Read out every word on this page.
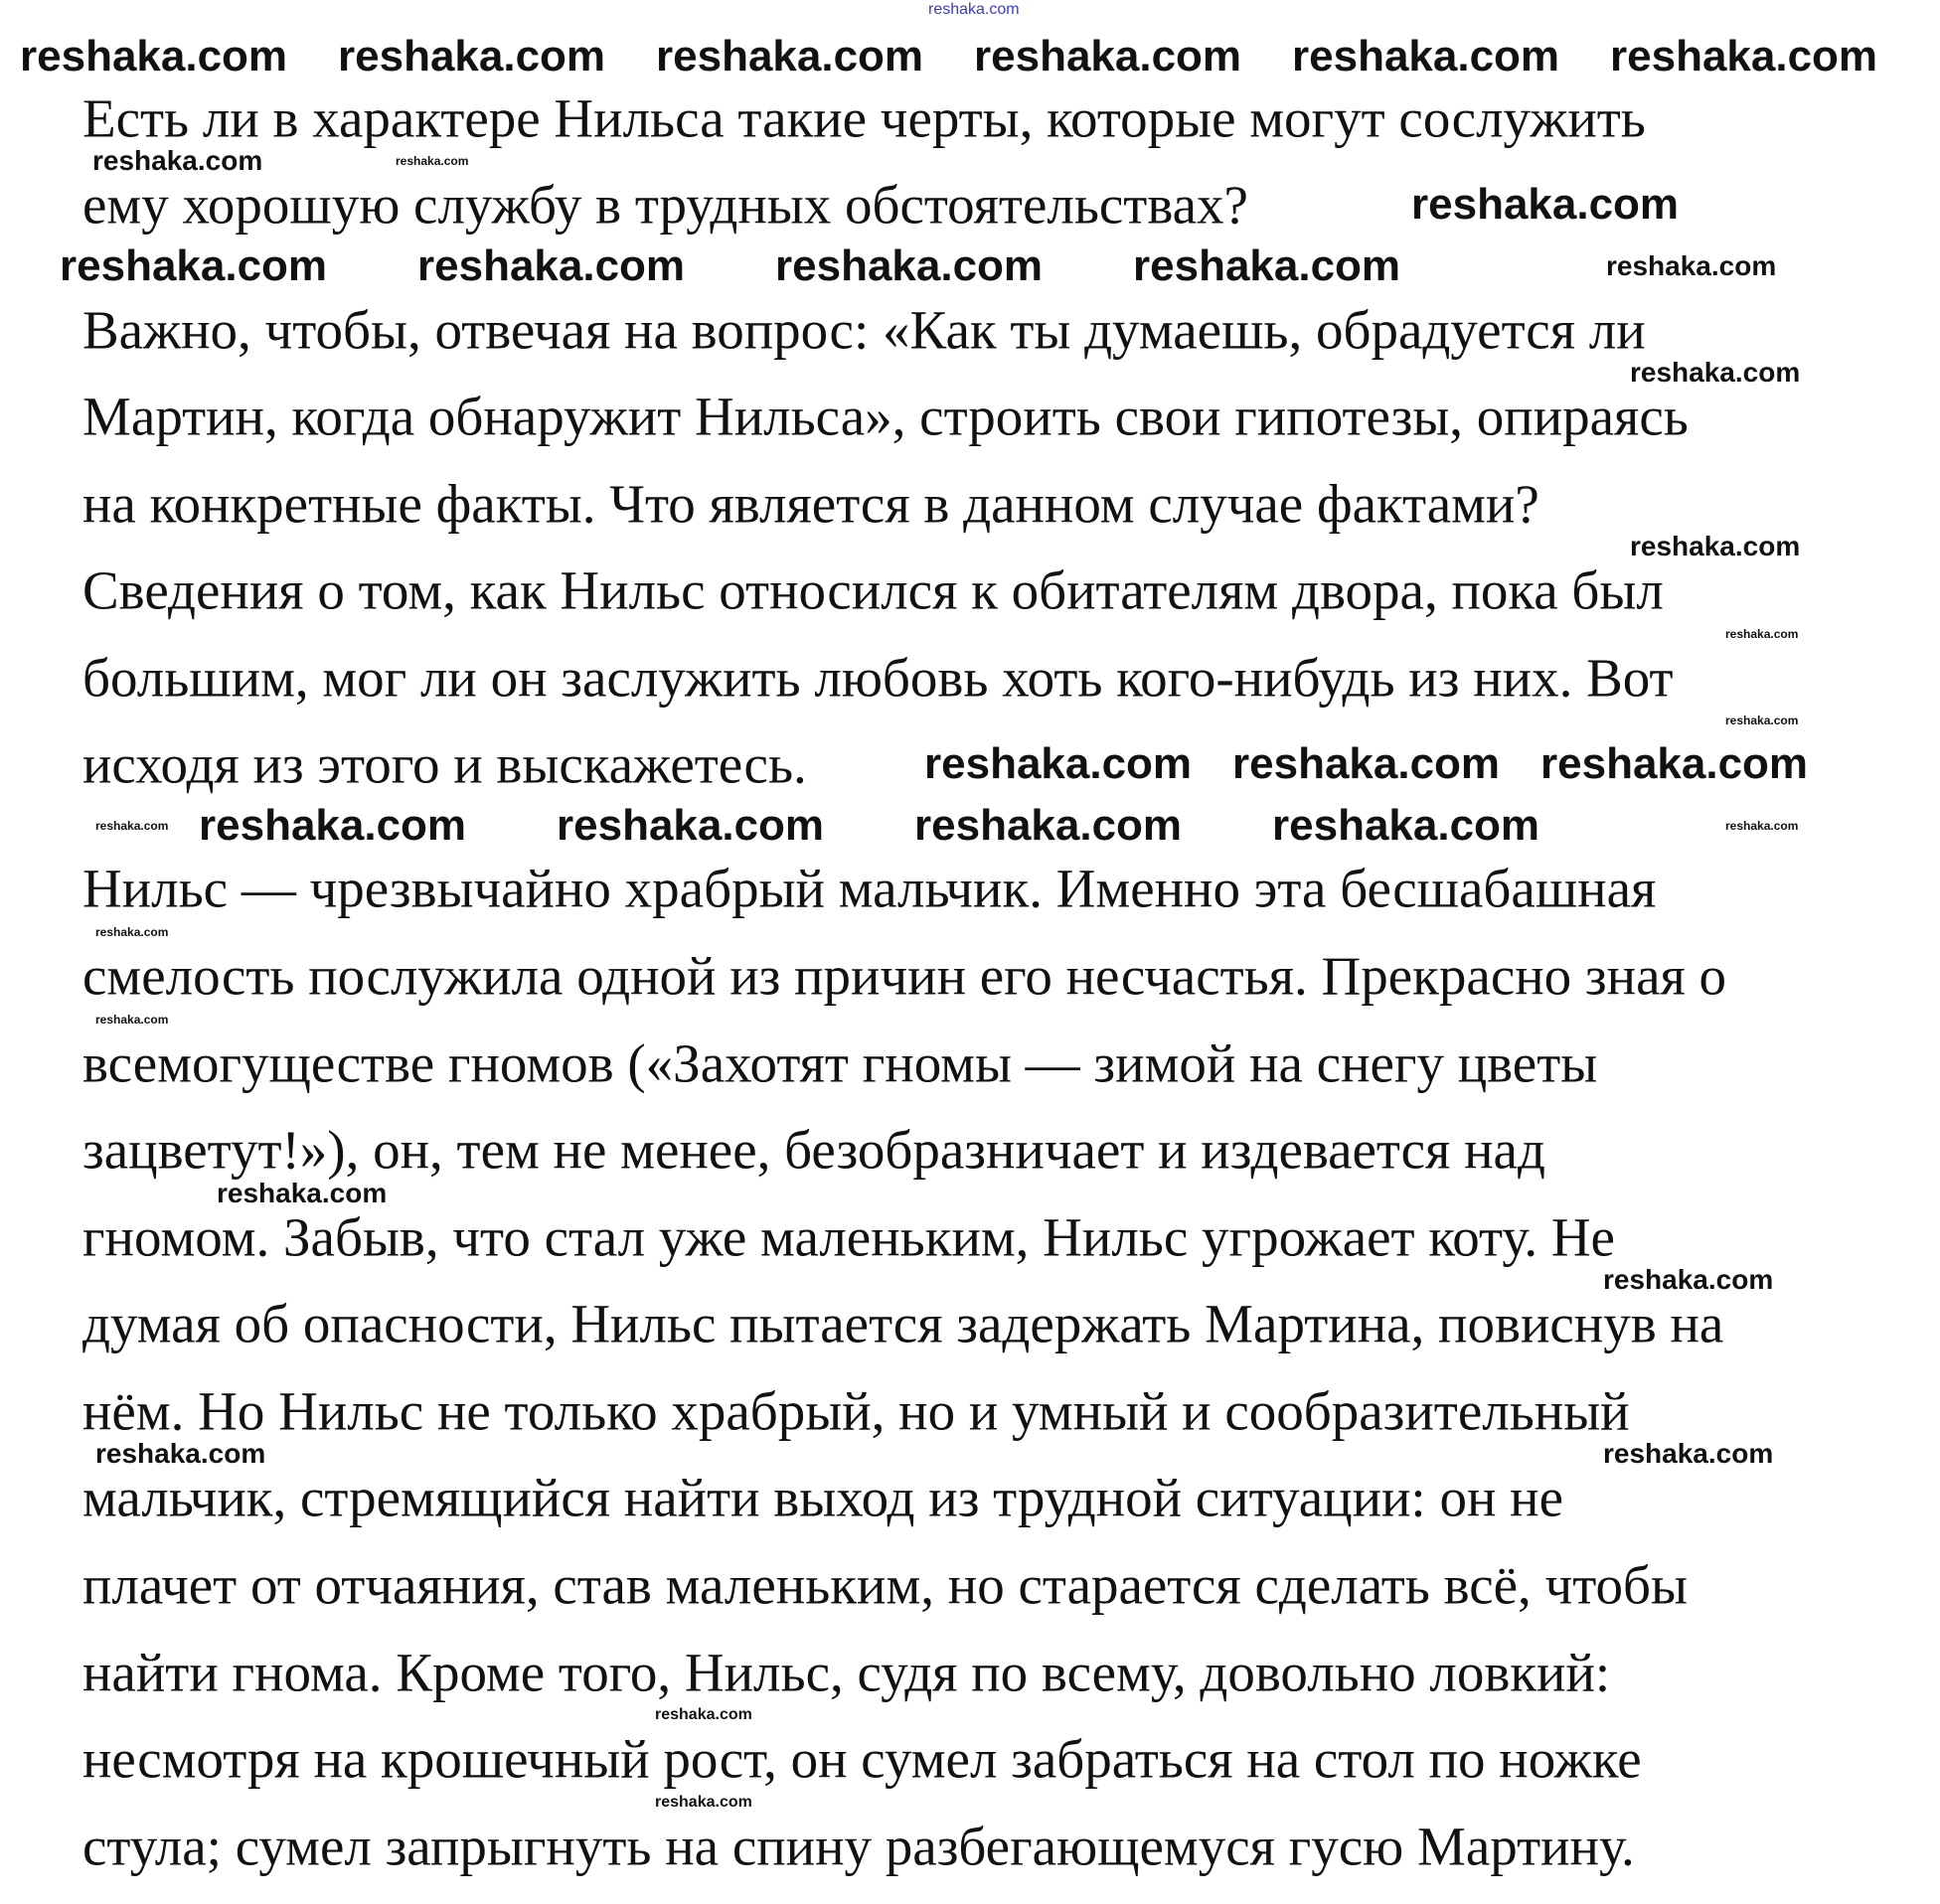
reshaka.com
Есть ли в характере Нильса такие черты, которые могут сослужить
ему хорошую службу в трудных обстоятельствах?
Важно, чтобы, отвечая на вопрос: «Как ты думаешь, обрадуется ли
Мартин, когда обнаружит Нильса», строить свои гипотезы, опираясь
на конкретные факты. Что является в данном случае фактами?
Сведения о том, как Нильс относился к обитателям двора, пока был
большим, мог ли он заслужить любовь хоть кого-нибудь из них. Вот
исходя из этого и выскажетесь.
Нильс — чрезвычайно храбрый мальчик. Именно эта бесшабашная
смелость послужила одной из причин его несчастья. Прекрасно зная о
всемогуществе гномов («Захотят гномы — зимой на снегу цветы
зацветут!»), он, тем не менее, безобразничает и издевается над
гномом. Забыв, что стал уже маленьким, Нильс угрожает коту. Не
думая об опасности, Нильс пытается задержать Мартина, повиснув на
нём. Но Нильс не только храбрый, но и умный и сообразительный
мальчик, стремящийся найти выход из трудной ситуации: он не
плачет от отчаяния, став маленьким, но старается сделать всё, чтобы
найти гнома. Кроме того, Нильс, судя по всему, довольно ловкий:
несмотря на крошечный рост, он сумел забраться на стол по ножке
стула; сумел запрыгнуть на спину разбегающемуся гусю Мартину.
reshaka.com reshaka.com reshaka.com reshaka.com reshaka.com reshaka.com
reshaka.com
reshaka.com reshaka.com reshaka.com reshaka.com
reshaka.com reshaka.com reshaka.com
reshaka.com reshaka.com reshaka.com reshaka.com
reshaka.com
reshaka.com
reshaka.com
reshaka.com
reshaka.com
reshaka.com
reshaka.com
reshaka.com
reshaka.com
reshaka.com
reshaka.com
reshaka.com
reshaka.com
reshaka.com
reshaka.com
reshaka.com
reshaka.com
